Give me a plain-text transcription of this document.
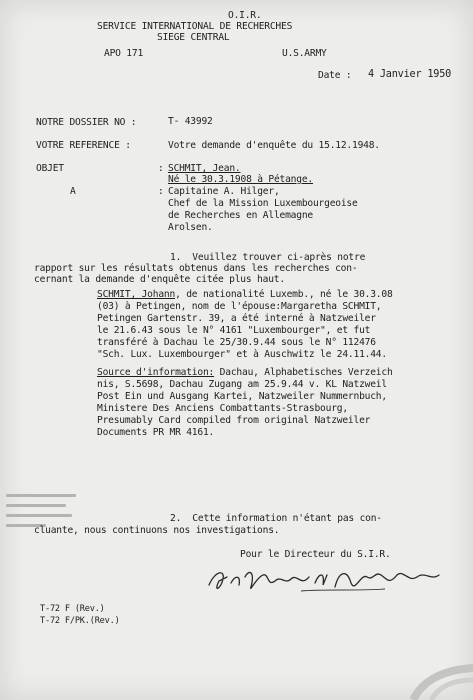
O.I.R.
SERVICE INTERNATIONAL DE RECHERCHES
SIEGE CENTRAL
APO 171	U.S.ARMY
Date : 4 Janvier 1950
NOTRE DOSSIER NO :	T- 43992
VOTRE REFERENCE :	Votre demande d'enquête du 15.12.1948.
OBJET	: SCHMIT, Jean.
Né le 30.3.1908 à Pétange.
A	: Capitaine A. Hilger,
Chef de la Mission Luxembourgeoise
de Recherches en Allemagne
Arolsen.
1.  Veuillez trouver ci-après notre
rapport sur les résultats obtenus dans les recherches con-
cernant la demande d'enquête citée plus haut.
SCHMIT, Johann, de nationalité Luxemb., né le 30.3.08
(03) à Petingen, nom de l'épouse:Margaretha SCHMIT,
Petingen Gartenstr. 39, a été interné à Natzweiler
le 21.6.43 sous le N° 4161 "Luxembourger", et fut
transféré à Dachau le 25/30.9.44 sous le N° 112476
"Sch. Lux. Luxembourger" et à Auschwitz le 24.11.44.
Source d'information: Dachau, Alphabetisches Verzeich
nis, S.5698, Dachau Zugang am 25.9.44 v. KL Natzweil
Post Ein und Ausgang Kartei, Natzweiler Nummernbuch,
Ministere Des Anciens Combattants-Strasbourg,
Presumably Card compiled from original Natzweiler
Documents PR MR 4161.
2.  Cette information n'étant pas con-
cluante, nous continuons nos investigations.
Pour le Directeur du S.I.R.
T-72 F (Rev.)
T-72 F/PK.(Rev.)
